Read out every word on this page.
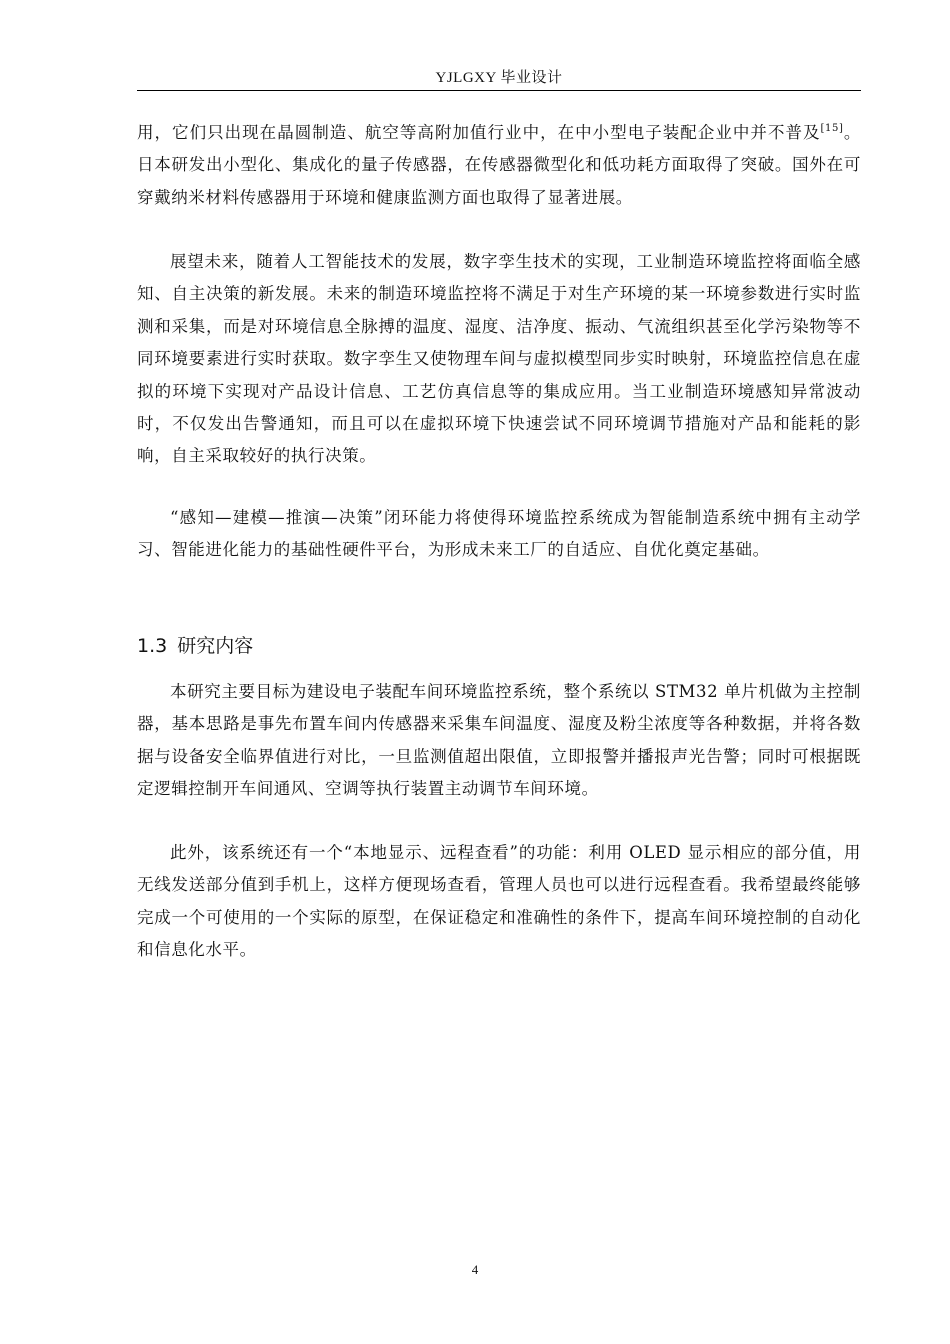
YJLGXY 毕业设计

用，它们只出现在晶圆制造、航空等高附加值行业中，在中小型电子装配企业中并不普及[15]。日本研发出小型化、集成化的量子传感器，在传感器微型化和低功耗方面取得了突破。国外在可穿戴纳米材料传感器用于环境和健康监测方面也取得了显著进展。

展望未来，随着人工智能技术的发展，数字孪生技术的实现，工业制造环境监控将面临全感知、自主决策的新发展。未来的制造环境监控将不满足于对生产环境的某一环境参数进行实时监测和采集，而是对环境信息全脉搏的温度、湿度、洁净度、振动、气流组织甚至化学污染物等不同环境要素进行实时获取。数字孪生又使物理车间与虚拟模型同步实时映射，环境监控信息在虚拟的环境下实现对产品设计信息、工艺仿真信息等的集成应用。当工业制造环境感知异常波动时，不仅发出告警通知，而且可以在虚拟环境下快速尝试不同环境调节措施对产品和能耗的影响，自主采取较好的执行决策。

“感知—建模—推演—决策”闭环能力将使得环境监控系统成为智能制造系统中拥有主动学习、智能进化能力的基础性硬件平台，为形成未来工厂的自适应、自优化奠定基础。

1.3 研究内容

本研究主要目标为建设电子装配车间环境监控系统，整个系统以 STM32 单片机做为主控制器，基本思路是事先布置车间内传感器来采集车间温度、湿度及粉尘浓度等各种数据，并将各数据与设备安全临界值进行对比，一旦监测值超出限值，立即报警并播报声光告警；同时可根据既定逻辑控制开车间通风、空调等执行装置主动调节车间环境。

此外，该系统还有一个“本地显示、远程查看”的功能：利用 OLED 显示相应的部分值，用无线发送部分值到手机上，这样方便现场查看，管理人员也可以进行远程查看。我希望最终能够完成一个可使用的一个实际的原型，在保证稳定和准确性的条件下，提高车间环境控制的自动化和信息化水平。

4
